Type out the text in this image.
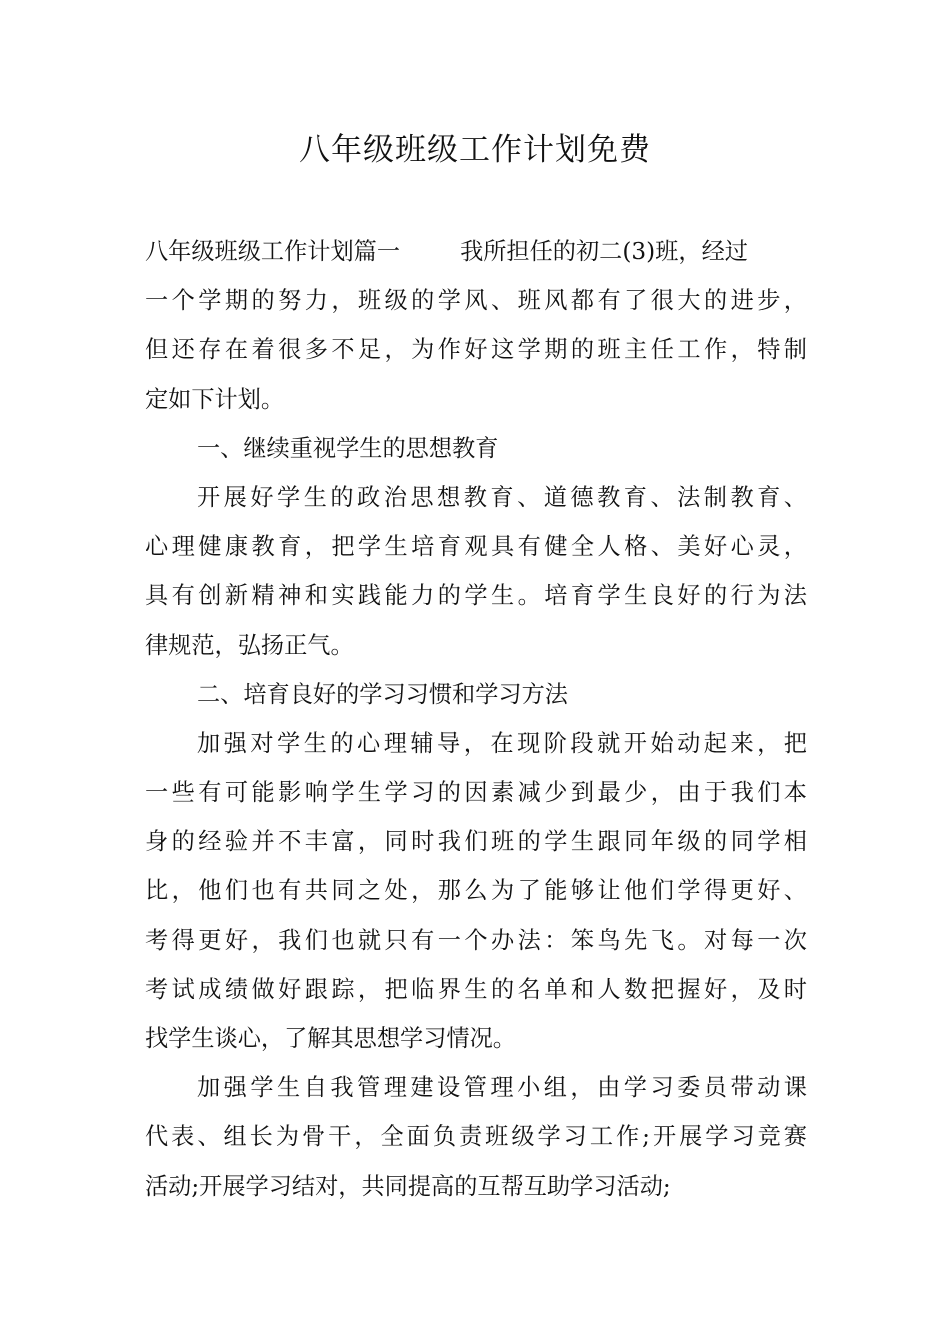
八年级班级工作计划免费
八年级班级工作计划篇一	我所担任的初二(3)班，经过
一个学期的努力，班级的学风、班风都有了很大的进步，
但还存在着很多不足，为作好这学期的班主任工作，特制
定如下计划。
一、继续重视学生的思想教育
开展好学生的政治思想教育、道德教育、法制教育、
心理健康教育，把学生培育观具有健全人格、美好心灵，
具有创新精神和实践能力的学生。培育学生良好的行为法
律规范，弘扬正气。
二、培育良好的学习习惯和学习方法
加强对学生的心理辅导，在现阶段就开始动起来，把
一些有可能影响学生学习的因素减少到最少，由于我们本
身的经验并不丰富，同时我们班的学生跟同年级的同学相
比，他们也有共同之处，那么为了能够让他们学得更好、
考得更好，我们也就只有一个办法：笨鸟先飞。对每一次
考试成绩做好跟踪，把临界生的名单和人数把握好，及时
找学生谈心，了解其思想学习情况。
加强学生自我管理建设管理小组，由学习委员带动课
代表、组长为骨干，全面负责班级学习工作;开展学习竞赛
活动;开展学习结对，共同提高的互帮互助学习活动;
